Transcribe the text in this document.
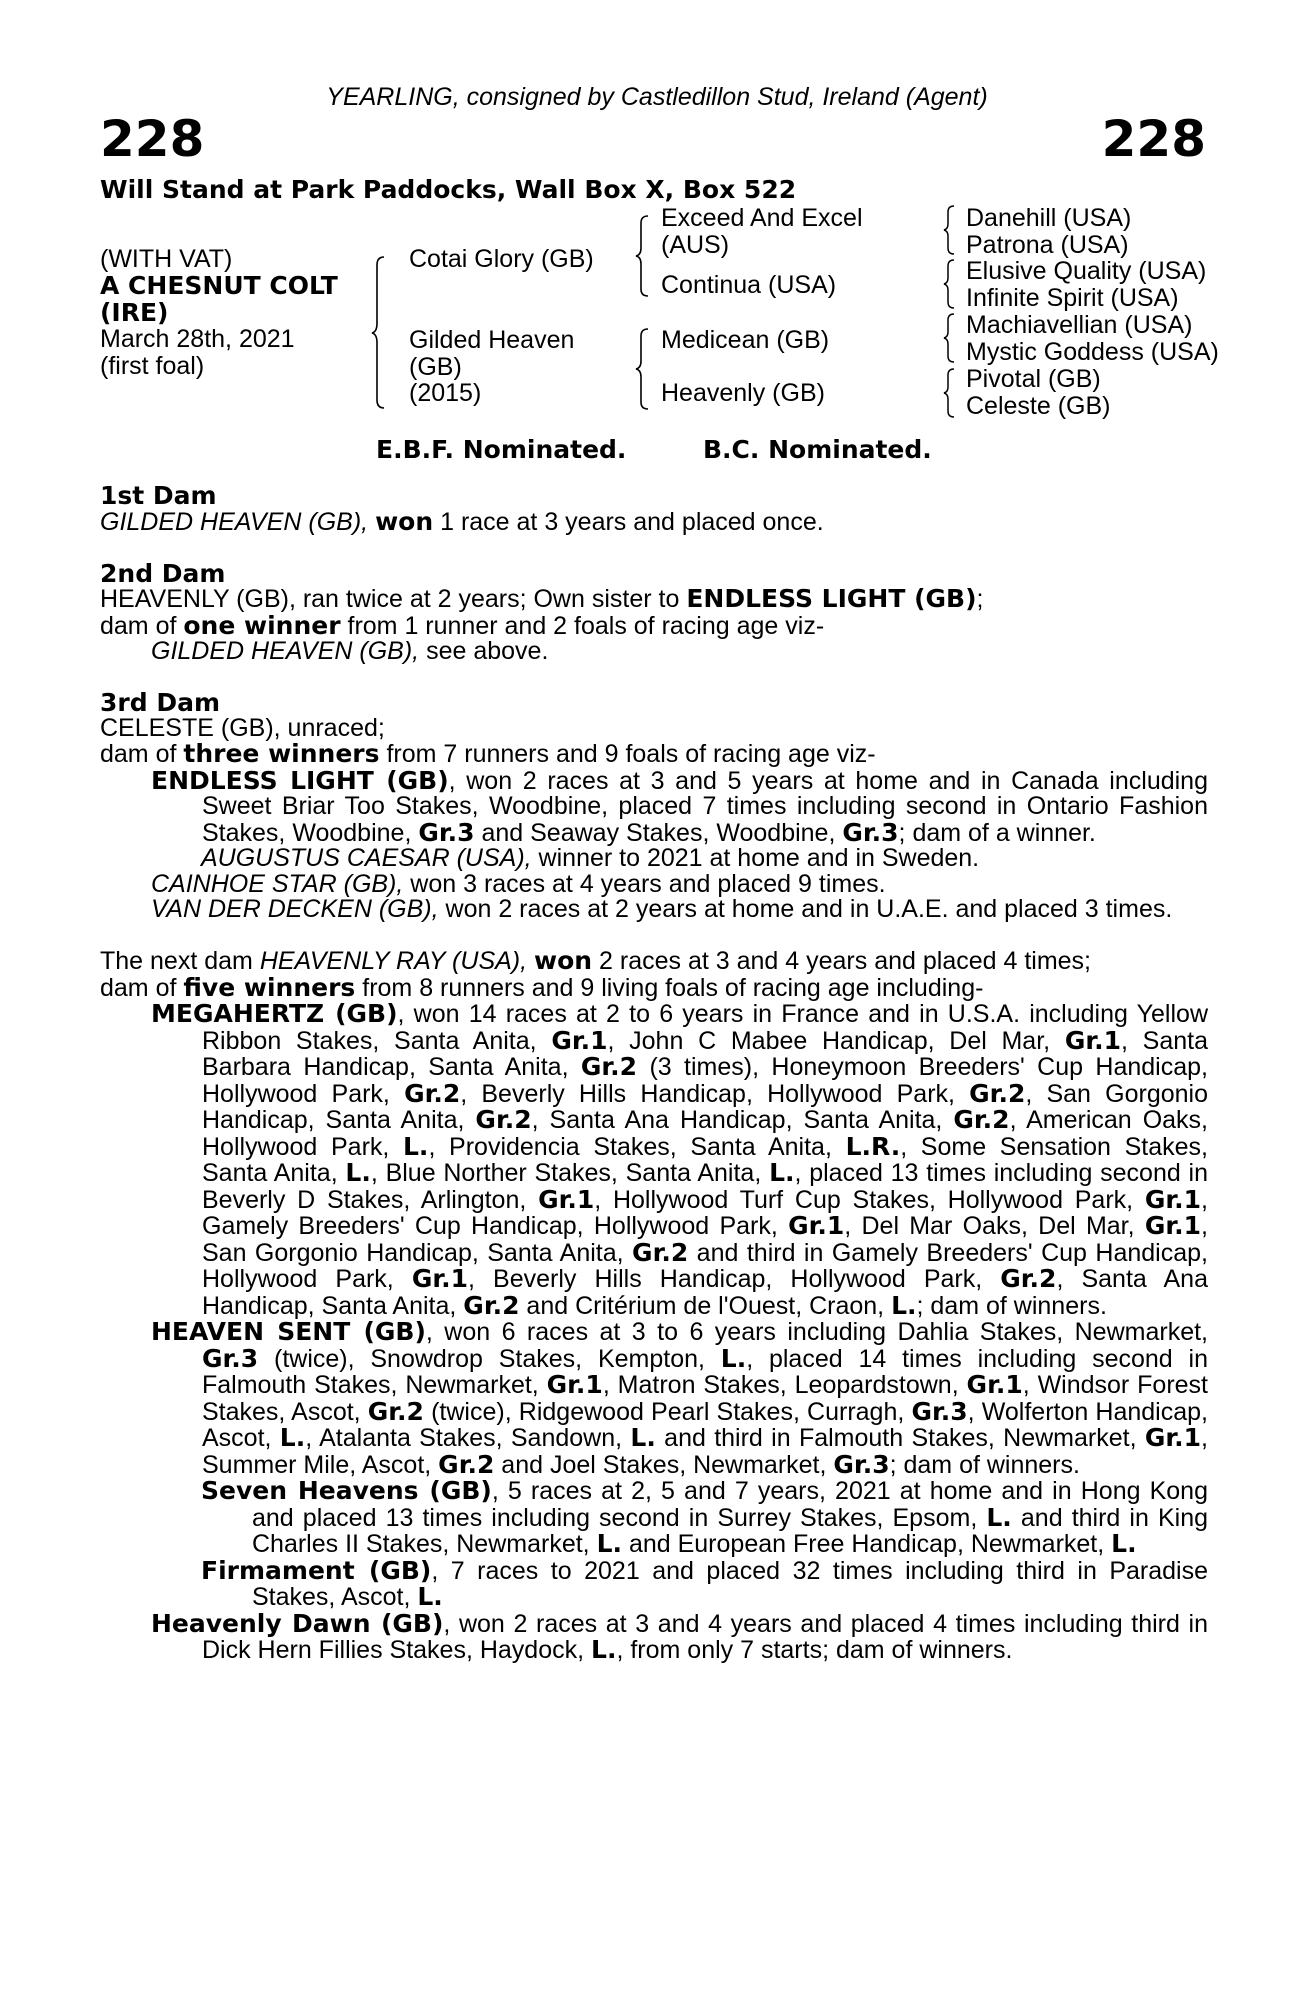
YEARLING, consigned by Castledillon Stud, Ireland (Agent)
228	228
Will Stand at Park Paddocks, Wall Box X, Box 522
(WITH VAT)
A CHESNUT COLT
(IRE)
March 28th, 2021
(first foal)
Cotai Glory (GB)
Gilded Heaven
(GB)
(2015)
Exceed And Excel
(AUS)
Continua (USA)
Medicean (GB)
Heavenly (GB)
Danehill (USA)
Patrona (USA)
Elusive Quality (USA)
Infinite Spirit (USA)
Machiavellian (USA)
Mystic Goddess (USA)
Pivotal (GB)
Celeste (GB)
E.B.F. Nominated.	B.C. Nominated.
1st Dam

GILDED HEAVEN (GB), won 1 race at 3 years and placed once.

2nd Dam

HEAVENLY (GB), ran twice at 2 years; Own sister to ENDLESS LIGHT (GB);

dam of one winner from 1 runner and 2 foals of racing age viz-

GILDED HEAVEN (GB), see above.

3rd Dam

CELESTE (GB), unraced;

dam of three winners from 7 runners and 9 foals of racing age viz-

ENDLESS LIGHT (GB), won 2 races at 3 and 5 years at home and in Canada including Sweet Briar Too Stakes, Woodbine, placed 7 times including second in Ontario Fashion Stakes, Woodbine, Gr.3 and Seaway Stakes, Woodbine, Gr.3; dam of a winner.

AUGUSTUS CAESAR (USA), winner to 2021 at home and in Sweden.

CAINHOE STAR (GB), won 3 races at 4 years and placed 9 times.

VAN DER DECKEN (GB), won 2 races at 2 years at home and in U.A.E. and placed 3 times.

The next dam HEAVENLY RAY (USA), won 2 races at 3 and 4 years and placed 4 times;

dam of five winners from 8 runners and 9 living foals of racing age including-

MEGAHERTZ (GB), won 14 races at 2 to 6 years in France and in U.S.A. including Yellow Ribbon Stakes, Santa Anita, Gr.1, John C Mabee Handicap, Del Mar, Gr.1, Santa Barbara Handicap, Santa Anita, Gr.2 (3 times), Honeymoon Breeders' Cup Handicap, Hollywood Park, Gr.2, Beverly Hills Handicap, Hollywood Park, Gr.2, San Gorgonio Handicap, Santa Anita, Gr.2, Santa Ana Handicap, Santa Anita, Gr.2, American Oaks, Hollywood Park, L., Providencia Stakes, Santa Anita, L.R., Some Sensation Stakes, Santa Anita, L., Blue Norther Stakes, Santa Anita, L., placed 13 times including second in Beverly D Stakes, Arlington, Gr.1, Hollywood Turf Cup Stakes, Hollywood Park, Gr.1, Gamely Breeders' Cup Handicap, Hollywood Park, Gr.1, Del Mar Oaks, Del Mar, Gr.1, San Gorgonio Handicap, Santa Anita, Gr.2 and third in Gamely Breeders' Cup Handicap, Hollywood Park, Gr.1, Beverly Hills Handicap, Hollywood Park, Gr.2, Santa Ana Handicap, Santa Anita, Gr.2 and Critérium de l'Ouest, Craon, L.; dam of winners.

HEAVEN SENT (GB), won 6 races at 3 to 6 years including Dahlia Stakes, Newmarket, Gr.3 (twice), Snowdrop Stakes, Kempton, L., placed 14 times including second in Falmouth Stakes, Newmarket, Gr.1, Matron Stakes, Leopardstown, Gr.1, Windsor Forest Stakes, Ascot, Gr.2 (twice), Ridgewood Pearl Stakes, Curragh, Gr.3, Wolferton Handicap, Ascot, L., Atalanta Stakes, Sandown, L. and third in Falmouth Stakes, Newmarket, Gr.1, Summer Mile, Ascot, Gr.2 and Joel Stakes, Newmarket, Gr.3; dam of winners.

Seven Heavens (GB), 5 races at 2, 5 and 7 years, 2021 at home and in Hong Kong and placed 13 times including second in Surrey Stakes, Epsom, L. and third in King Charles II Stakes, Newmarket, L. and European Free Handicap, Newmarket, L.

Firmament (GB), 7 races to 2021 and placed 32 times including third in Paradise Stakes, Ascot, L.

Heavenly Dawn (GB), won 2 races at 3 and 4 years and placed 4 times including third in Dick Hern Fillies Stakes, Haydock, L., from only 7 starts; dam of winners.
